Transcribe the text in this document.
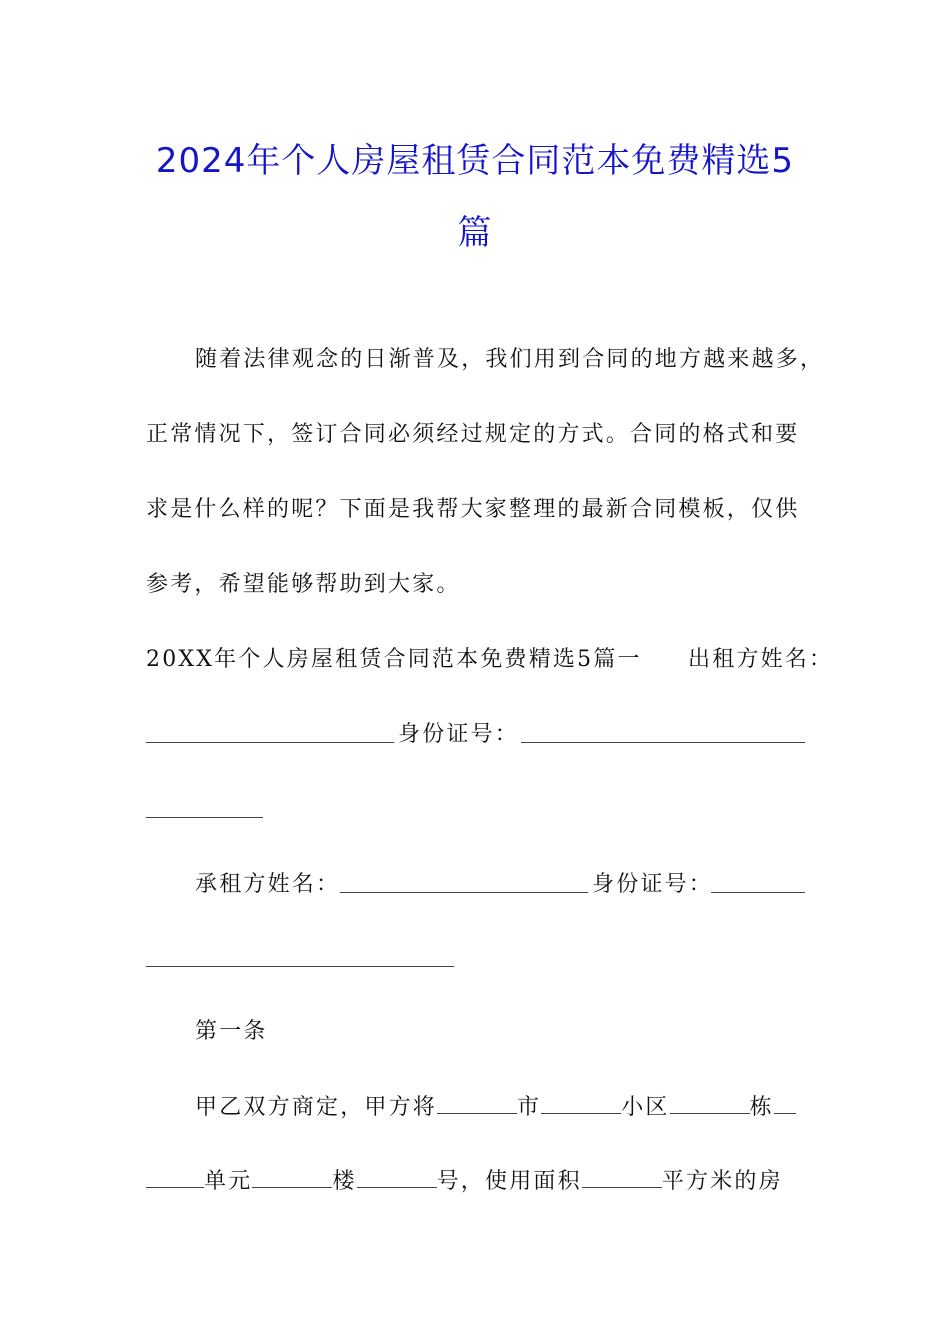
2024年个人房屋租赁合同范本免费精选5
篇
随着法律观念的日渐普及，我们用到合同的地方越来越多，
正常情况下，签订合同必须经过规定的方式。合同的格式和要
求是什么样的呢？下面是我帮大家整理的最新合同模板，仅供
参考，希望能够帮助到大家。
20XX年个人房屋租赁合同范本免费精选5篇一 出租方姓名：
身份证号：
承租方姓名：	身份证号：
第一条
甲乙双方商定，甲方将	市	小区	栋
单元	楼	号，使用面积	平方米的房
